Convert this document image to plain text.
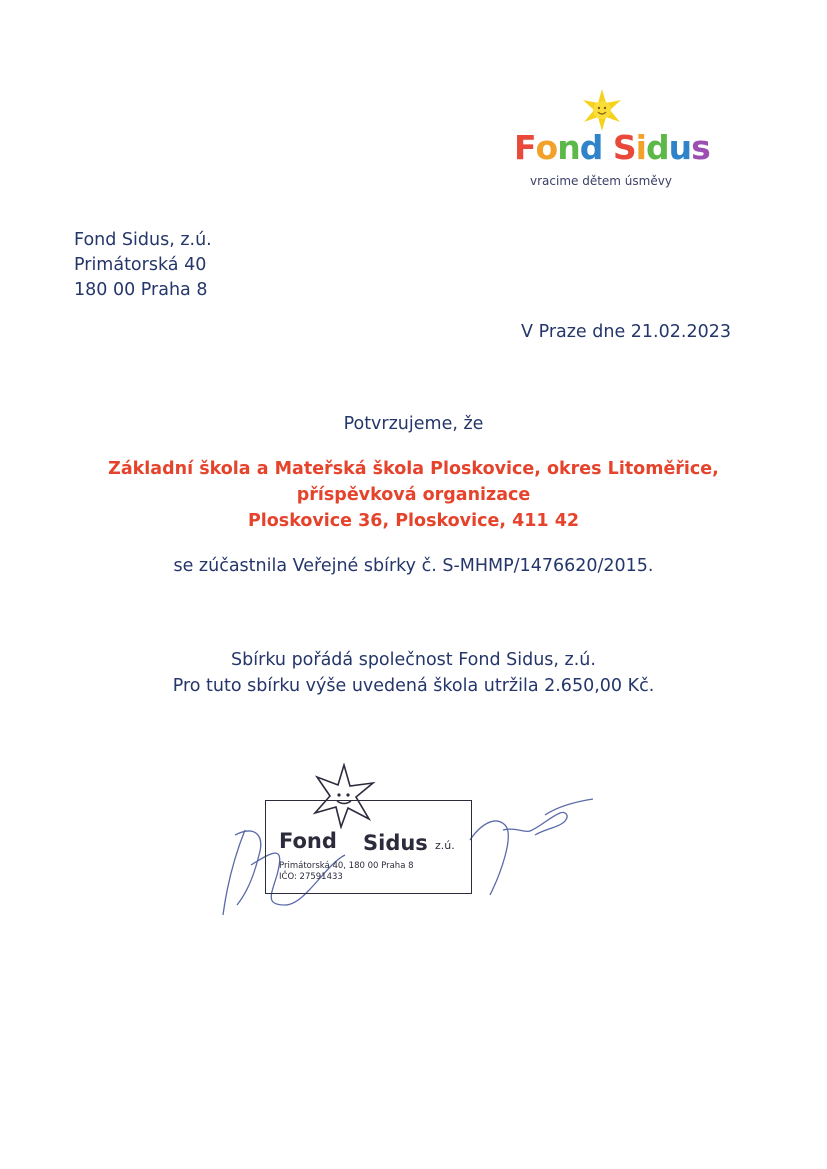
Fond Sidus
vracime dětem úsměvy
Fond Sidus, z.ú.
Primátorská 40
180 00 Praha 8
V Praze dne 21.02.2023
Potvrzujeme, že
Základní škola a Mateřská škola Ploskovice, okres Litoměřice,
příspěvková organizace
Ploskovice 36, Ploskovice, 411 42
se zúčastnila Veřejné sbírky č. S-MHMP/1476620/2015.
Sbírku pořádá společnost Fond Sidus, z.ú.
Pro tuto sbírku výše uvedená škola utržila 2.650,00 Kč.
Fond Sidus z.ú.
Primátorská 40, 180 00 Praha 8
IČO: 27591433
